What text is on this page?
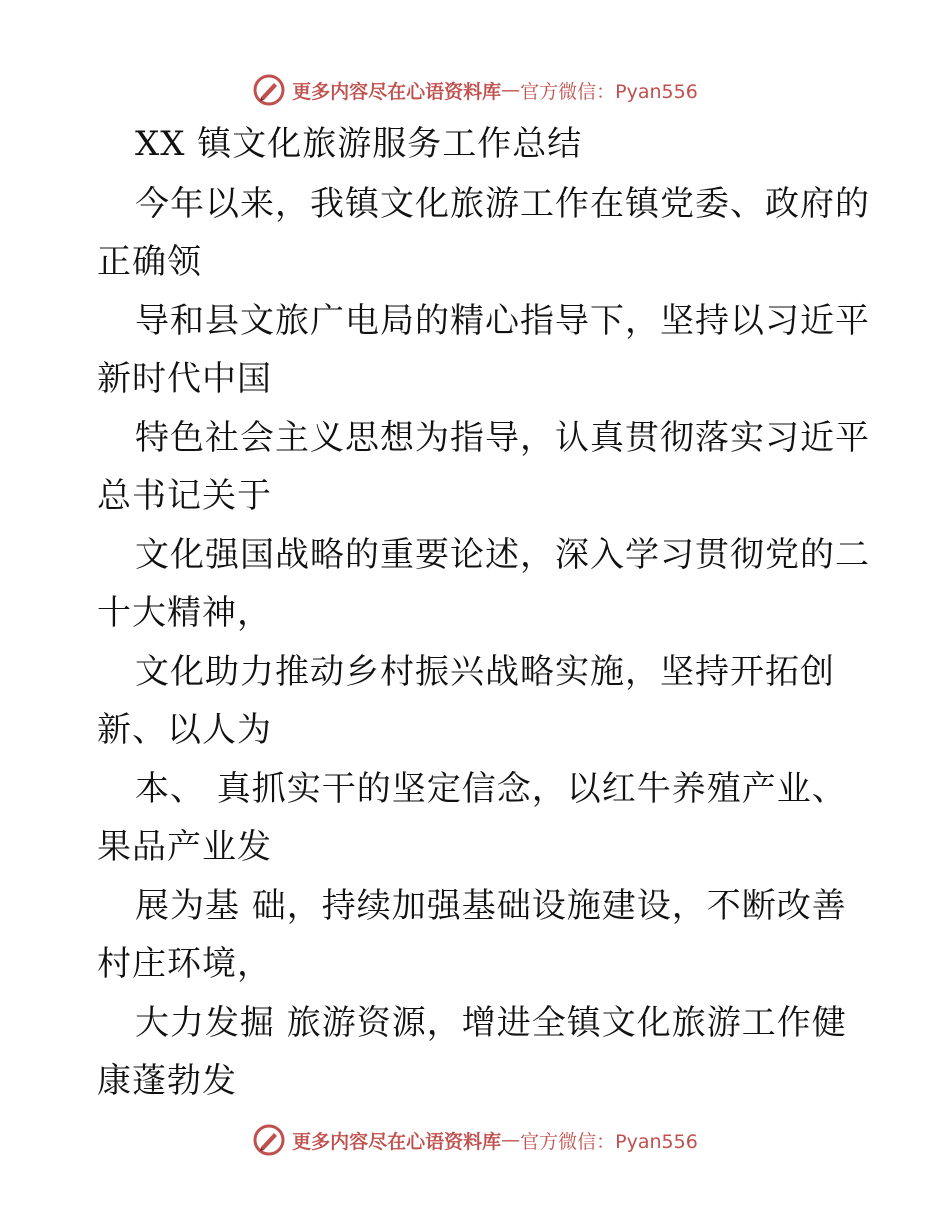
更多内容尽在心语资料库 — 官方微信：Pyan556
XX 镇文化旅游服务工作总结
今年以来，我镇文化旅游工作在镇党委、政府的
正确领
导和县文旅广电局的精心指导下，坚持以习近平
新时代中国
特色社会主义思想为指导，认真贯彻落实习近平
总书记关于
文化强国战略的重要论述，深入学习贯彻党的二
十大精神，
文化助力推动乡村振兴战略实施，坚持开拓创
新、以人为
本、 真抓实干的坚定信念，以红牛养殖产业、
果品产业发
展为基 础，持续加强基础设施建设，不断改善
村庄环境，
大力发掘 旅游资源，增进全镇文化旅游工作健
康蓬勃发
更多内容尽在心语资料库 — 官方微信：Pyan556
